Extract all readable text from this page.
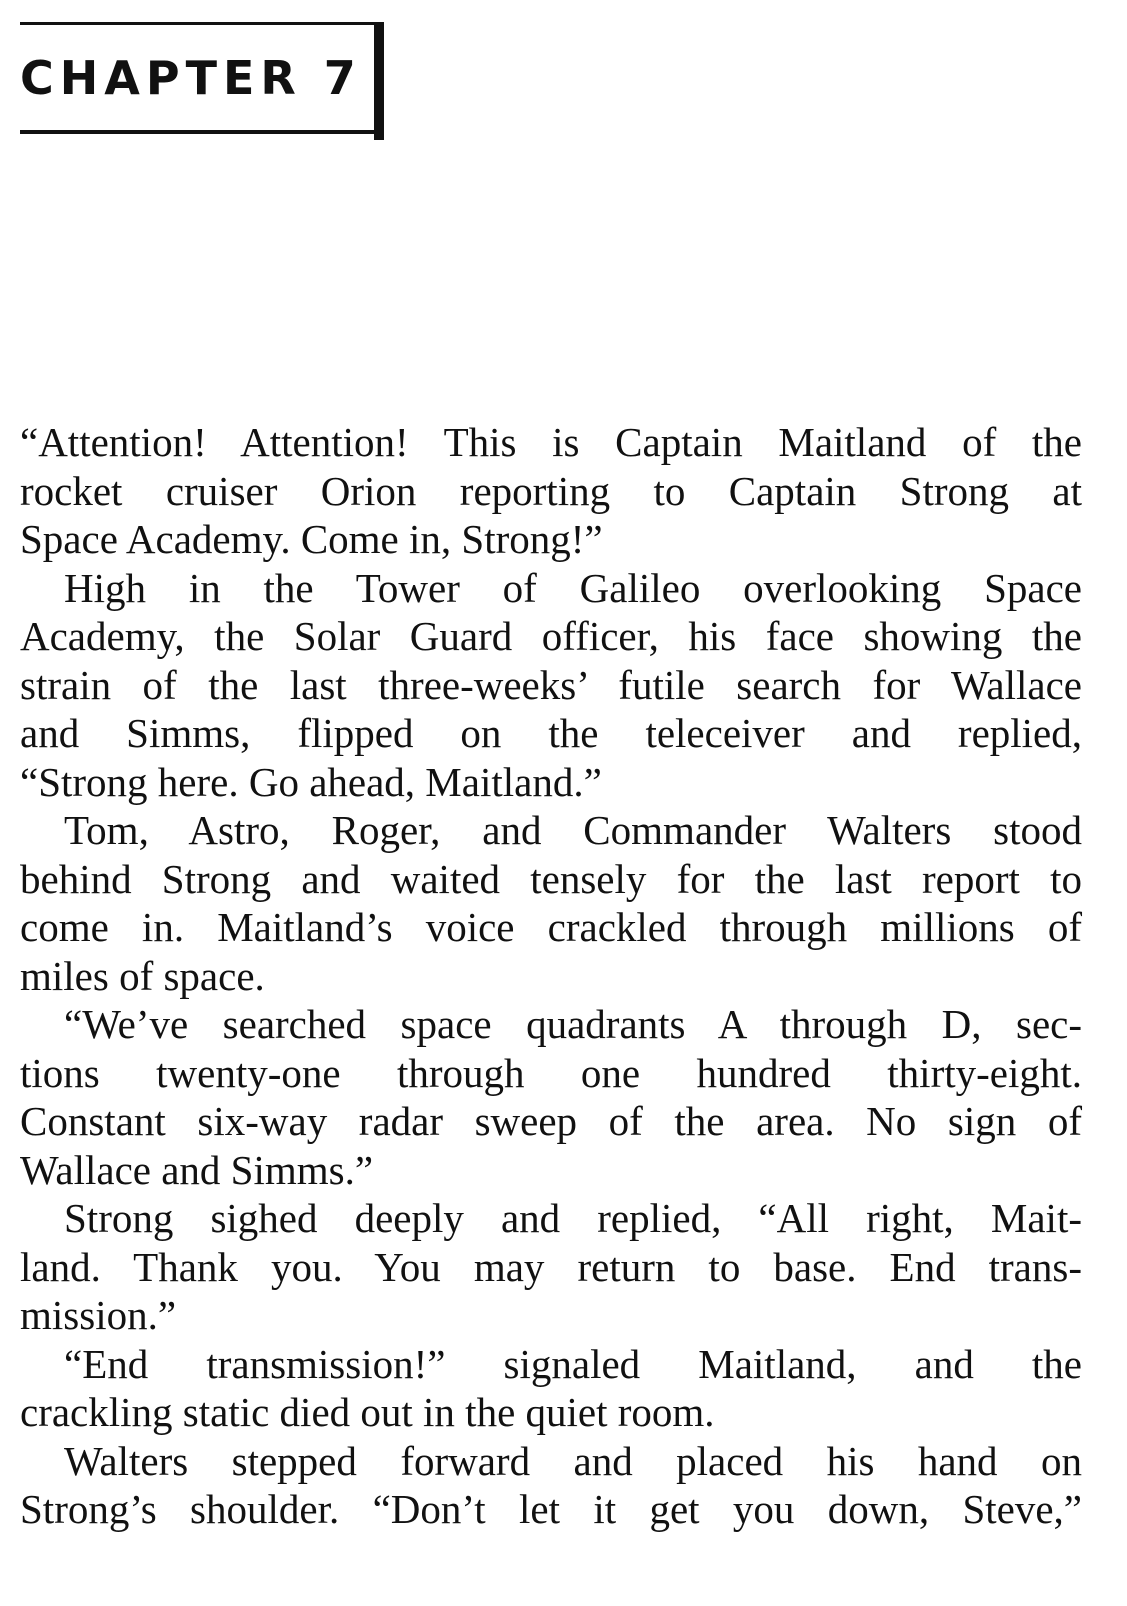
CHAPTER 7

“Attention! Attention! This is Captain Maitland of the

rocket cruiser Orion reporting to Captain Strong at

Space Academy. Come in, Strong!”

High in the Tower of Galileo overlooking Space

Academy, the Solar Guard officer, his face showing the

strain of the last three-weeks’ futile search for Wallace

and Simms, flipped on the teleceiver and replied,

“Strong here. Go ahead, Maitland.”

Tom, Astro, Roger, and Commander Walters stood

behind Strong and waited tensely for the last report to

come in. Maitland’s voice crackled through millions of

miles of space.

“We’ve searched space quadrants A through D, sec-

tions twenty-one through one hundred thirty-eight.

Constant six-way radar sweep of the area. No sign of

Wallace and Simms.”

Strong sighed deeply and replied, “All right, Mait-

land. Thank you. You may return to base. End trans-

mission.”

“End transmission!” signaled Maitland, and the

crackling static died out in the quiet room.

Walters stepped forward and placed his hand on

Strong’s shoulder. “Don’t let it get you down, Steve,”
